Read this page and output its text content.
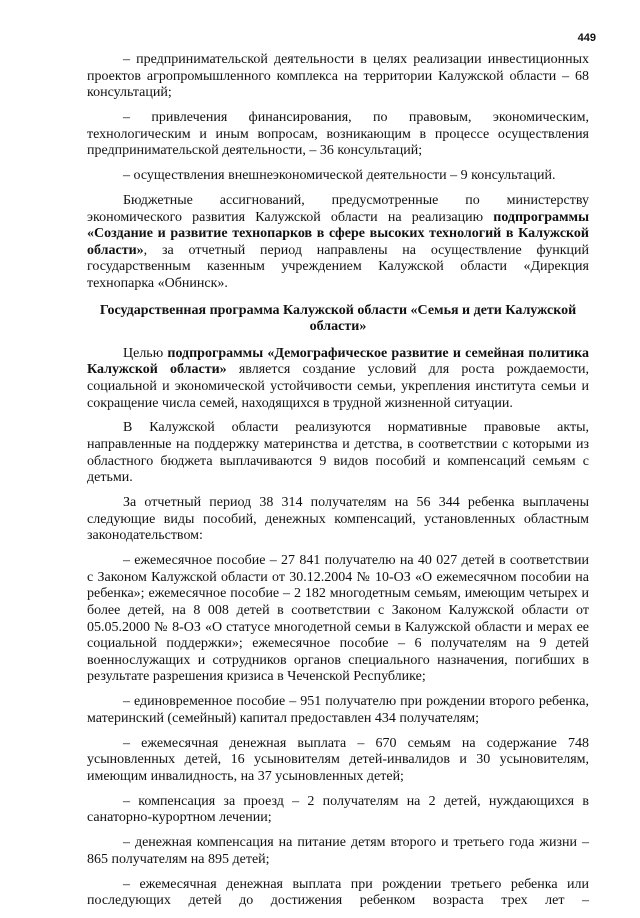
449

– предпринимательской деятельности в целях реализации инвестиционных проектов агропромышленного комплекса на территории Калужской области – 68 консультаций;

– привлечения финансирования, по правовым, экономическим, технологическим и иным вопросам, возникающим в процессе осуществления предпринимательской деятельности, – 36 консультаций;

– осуществления внешнеэкономической деятельности – 9 консультаций.

Бюджетные ассигнований, предусмотренные по министерству экономического развития Калужской области на реализацию подпрограммы «Создание и развитие технопарков в сфере высоких технологий в Калужской области», за отчетный период направлены на осуществление функций государственным казенным учреждением Калужской области «Дирекция технопарка «Обнинск».

Государственная программа Калужской области «Семья и дети Калужской области»

Целью подпрограммы «Демографическое развитие и семейная политика Калужской области» является создание условий для роста рождаемости, социальной и экономической устойчивости семьи, укрепления института семьи и сокращение числа семей, находящихся в трудной жизненной ситуации.

В Калужской области реализуются нормативные правовые акты, направленные на поддержку материнства и детства, в соответствии с которыми из областного бюджета выплачиваются 9 видов пособий и компенсаций семьям с детьми.

За отчетный период 38 314 получателям на 56 344 ребенка выплачены следующие виды пособий, денежных компенсаций, установленных областным законодательством:

– ежемесячное пособие – 27 841 получателю на 40 027 детей в соответствии с Законом Калужской области от 30.12.2004 № 10-ОЗ «О ежемесячном пособии на ребенка»; ежемесячное пособие – 2 182 многодетным семьям, имеющим четырех и более детей, на 8 008 детей в соответствии с Законом Калужской области от 05.05.2000 № 8-ОЗ «О статусе многодетной семьи в Калужской области и мерах ее социальной поддержки»; ежемесячное пособие – 6 получателям на 9 детей военнослужащих и сотрудников органов специального назначения, погибших в результате разрешения кризиса в Чеченской Республике;

– единовременное пособие – 951 получателю при рождении второго ребенка, материнский (семейный) капитал предоставлен 434 получателям;

– ежемесячная денежная выплата – 670 семьям на содержание 748 усыновленных детей, 16 усыновителям детей-инвалидов и 30 усыновителям, имеющим инвалидность, на 37 усыновленных детей;

– компенсация за проезд – 2 получателям на 2 детей, нуждающихся в санаторно-курортном лечении;

– денежная компенсация на питание детям второго и третьего года жизни – 865 получателям на 895 детей;

– ежемесячная денежная выплата при рождении третьего ребенка или последующих детей до достижения ребенком возраста трех лет –
